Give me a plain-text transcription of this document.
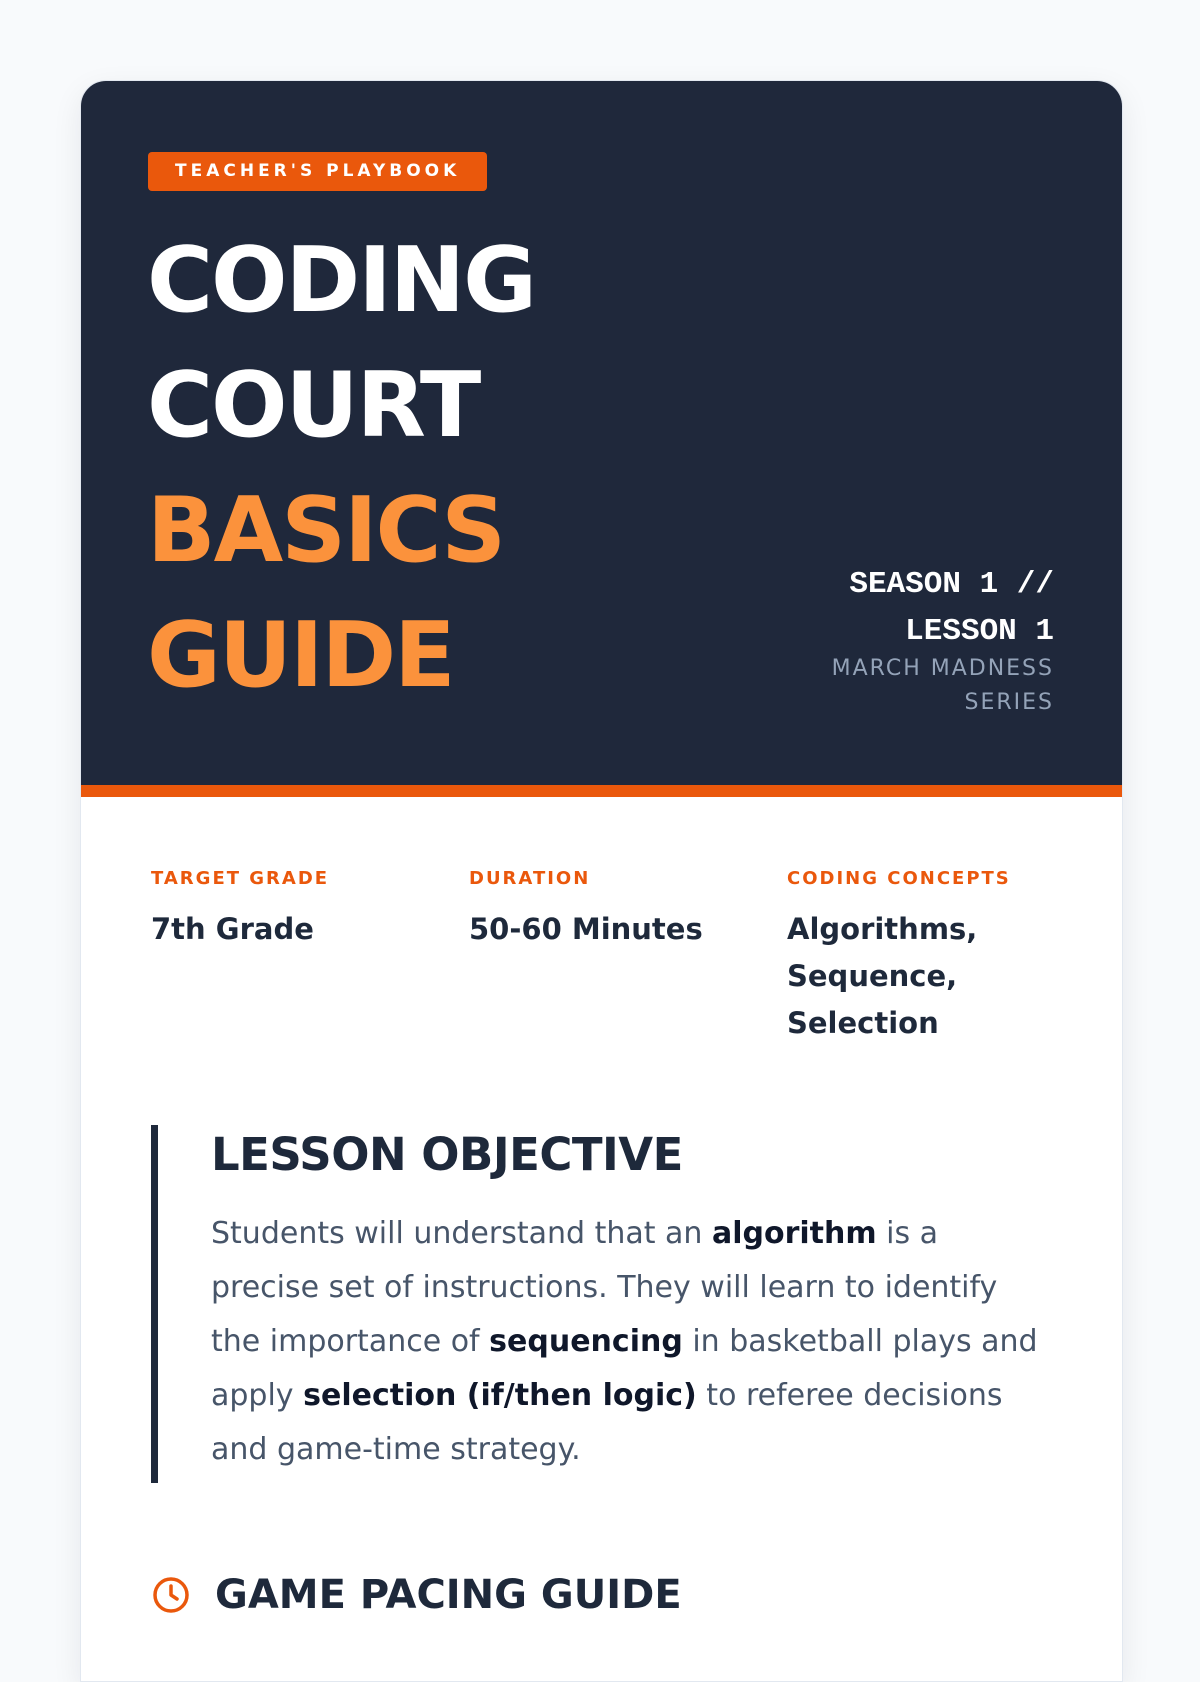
TEACHER'S PLAYBOOK
CODING
COURT
BASICS
GUIDE
SEASON 1 //
LESSON 1
MARCH MADNESS SERIES
TARGET GRADE
7th Grade
DURATION
50-60 Minutes
CODING CONCEPTS
Algorithms, Sequence, Selection
LESSON OBJECTIVE

Students will understand that an algorithm is a precise set of instructions. They will learn to identify the importance of sequencing in basketball plays and apply selection (if/then logic) to referee decisions and game-time strategy.

GAME PACING GUIDE
